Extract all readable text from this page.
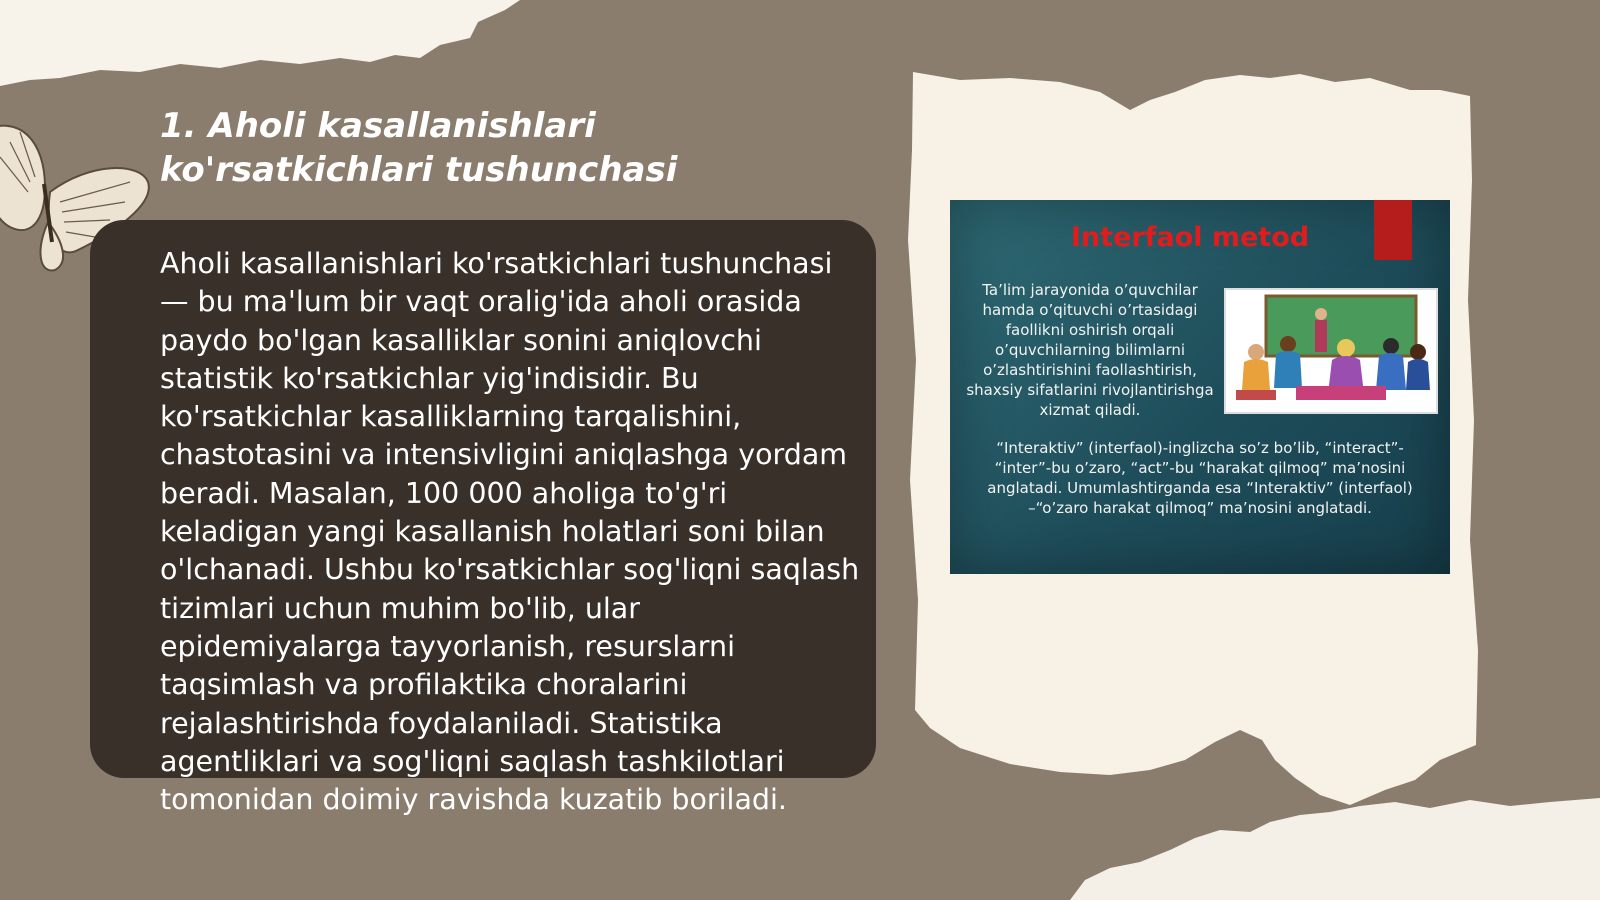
1. Aholi kasallanishlari ko'rsatkichlari tushunchasi

Aholi kasallanishlari ko'rsatkichlari tushunchasi — bu ma'lum bir vaqt oralig'ida aholi orasida paydo bo'lgan kasalliklar sonini aniqlovchi statistik ko'rsatkichlar yig'indisidir. Bu ko'rsatkichlar kasalliklarning tarqalishini, chastotasini va intensivligini aniqlashga yordam beradi. Masalan, 100 000 aholiga to'g'ri keladigan yangi kasallanish holatlari soni bilan o'lchanadi. Ushbu ko'rsatkichlar sog'liqni saqlash tizimlari uchun muhim bo'lib, ular epidemiyalarga tayyorlanish, resurslarni taqsimlash va profilaktika choralarini rejalashtirishda foydalaniladi. Statistika agentliklari va sog'liqni saqlash tashkilotlari tomonidan doimiy ravishda kuzatib boriladi.

Interfaol metod

Ta’lim jarayonida o’quvchilar hamda o’qituvchi o’rtasidagi faollikni oshirish orqali o’quvchilarning bilimlarni o’zlashtirishini faollashtirish, shaxsiy sifatlarini rivojlantirishga xizmat qiladi.

“Interaktiv” (interfaol)-inglizcha so’z bo’lib, “interact”- “inter”-bu o’zaro, “act”-bu “harakat qilmoq” ma’nosini anglatadi. Umumlashtirganda esa “Interaktiv” (interfaol) –“o’zaro harakat qilmoq” ma’nosini anglatadi.
